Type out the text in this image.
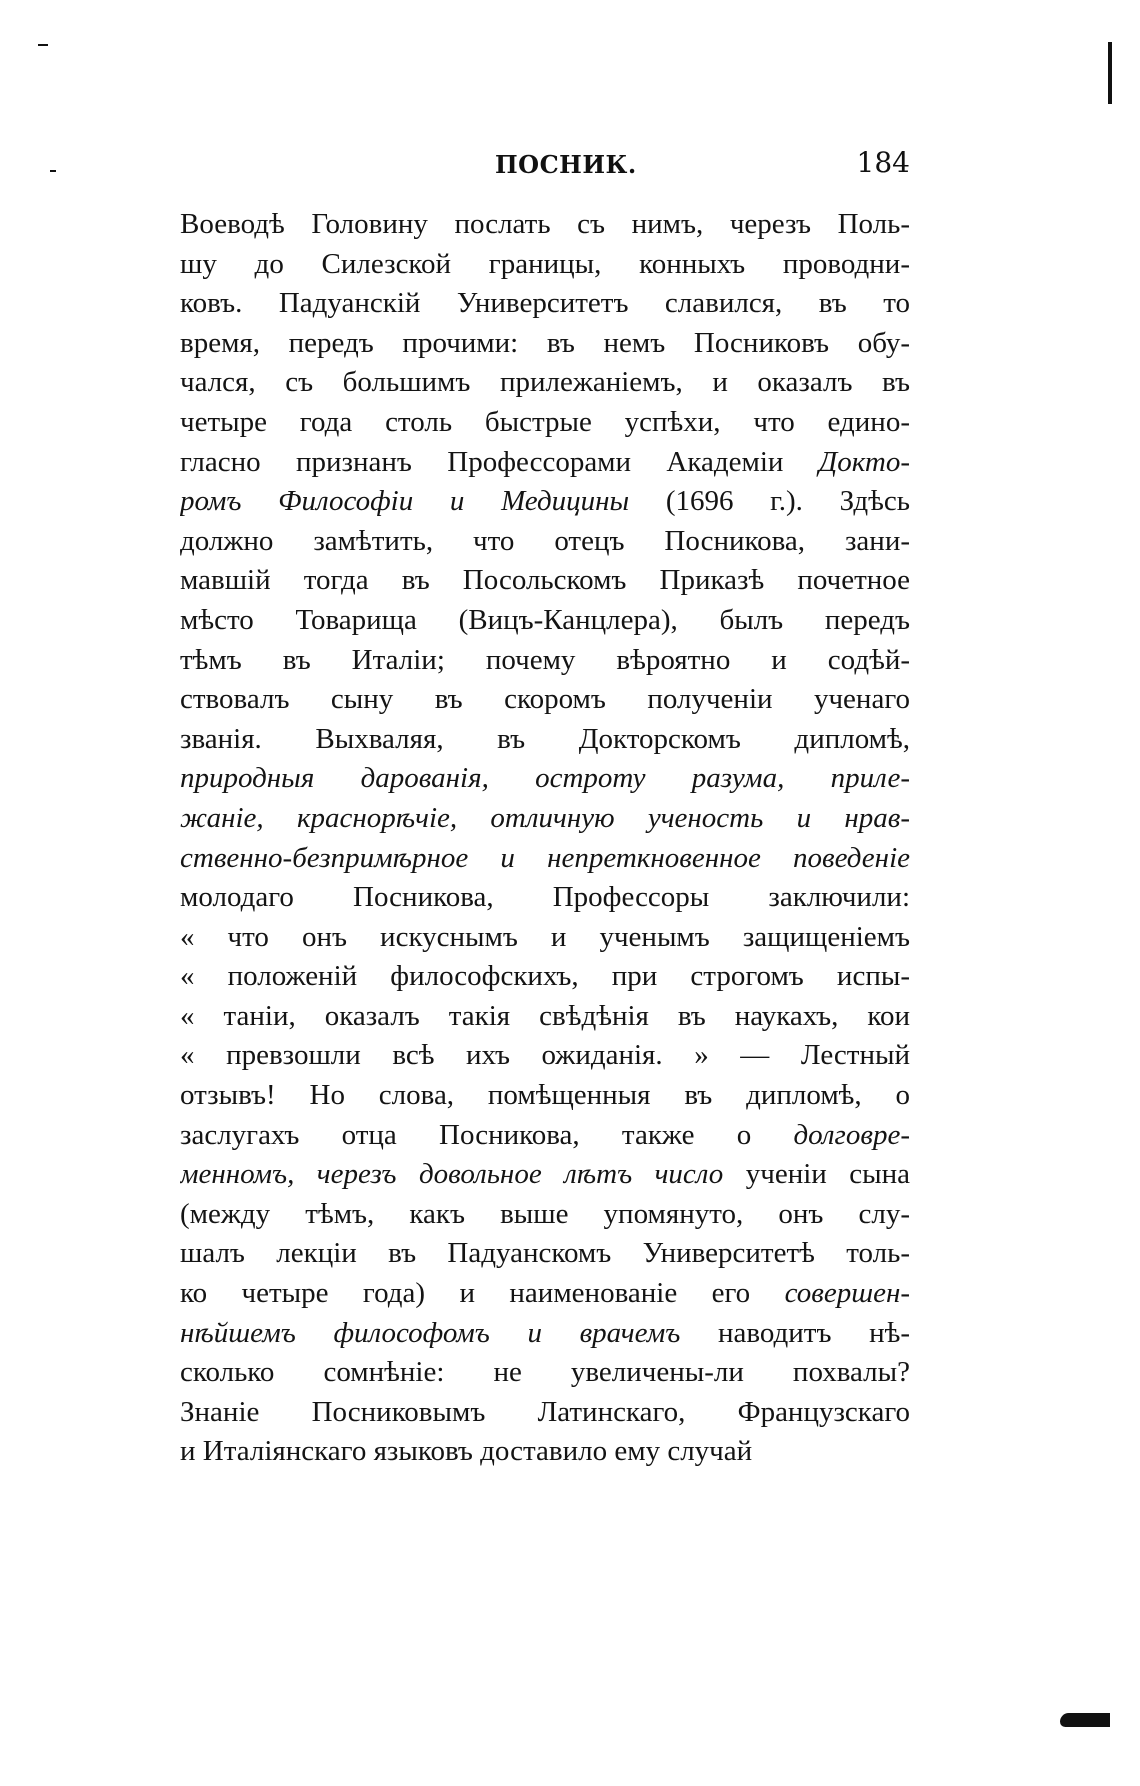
ПОСНИК.	184
Воеводѣ Головину послать съ нимъ, черезъ Поль-
шу до Силезской границы, конныхъ проводни-
ковъ. Падуанскій Университетъ славился, въ то
время, передъ прочими: въ немъ Посниковъ обу-
чался, съ большимъ прилежаніемъ, и оказалъ въ
четыре года столь быстрые успѣхи, что едино-
гласно признанъ Профессорами Академіи Докто-
ромъ Философіи и Медицины (1696 г.). Здѣсь
должно замѣтить, что отецъ Посникова, зани-
мавшій тогда въ Посольскомъ Приказѣ почетное
мѣсто Товарища (Вицъ-Канцлера), былъ передъ
тѣмъ въ Италіи; почему вѣроятно и содѣй-
ствовалъ сыну въ скоромъ полученіи ученаго
званія. Выхваляя, въ Докторскомъ дипломѣ,
природныя дарованія, остроту разума, приле-
жаніе, краснорѣчіе, отличную ученость и нрав-
ственно-безпримѣрное и непреткновенное поведеніе
молодаго Посникова, Профессоры заключили:
« что онъ искуснымъ и ученымъ защищеніемъ
« положеній философскихъ, при строгомъ испы-
« таніи, оказалъ такія свѣдѣнія въ наукахъ, кои
« превзошли всѣ ихъ ожиданія. » — Лестный
отзывъ! Но слова, помѣщенныя въ дипломѣ, о
заслугахъ отца Посникова, также о долговре-
менномъ, черезъ довольное лѣтъ число ученіи сына
(между тѣмъ, какъ выше упомянуто, онъ слу-
шалъ лекціи въ Падуанскомъ Университетѣ толь-
ко четыре года) и наименованіе его совершен-
нѣйшемъ философомъ и врачемъ наводитъ нѣ-
сколько сомнѣніе: не увеличены-ли похвалы?
Знаніе Посниковымъ Латинскаго, Французскаго
и Италіянскаго языковъ доставило ему случай
